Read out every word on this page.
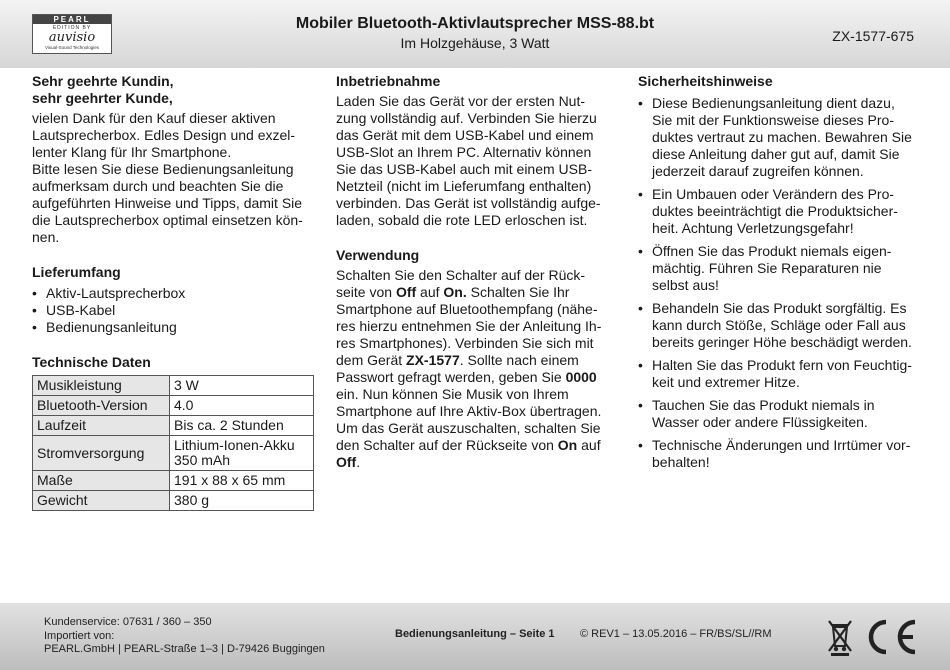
PEARL
EDITION BY
auvisio
Visual-Sound Technologies
Mobiler Bluetooth-Aktivlautsprecher MSS-88.bt
Im Holzgehäuse, 3 Watt	ZX-1577-675

Sehr geehrte Kundin,

sehr geehrter Kunde,

vielen Dank für den Kauf dieser aktiven
Lautsprecherbox. Edles Design und exzel-
lenter Klang für Ihr Smartphone.
Bitte lesen Sie diese Bedienungsanleitung
aufmerksam durch und beachten Sie die
aufgeführten Hinweise und Tipps, damit Sie
die Lautsprecherbox optimal einsetzen kön-
nen.

Lieferumfang

• Aktiv-Lautsprecherbox
• USB-Kabel
• Bedienungsanleitung

Technische Daten

Musikleistung	3 W
Bluetooth-Version	4.0
Laufzeit	Bis ca. 2 Stunden
Stromversorgung	Lithium-Ionen-Akku
350 mAh

Maße	191 x 88 x 65 mm
Gewicht	380 g

Inbetriebnahme

Laden Sie das Gerät vor der ersten Nut-
zung vollständig auf. Verbinden Sie hierzu
das Gerät mit dem USB-Kabel und einem
USB-Slot an Ihrem PC. Alternativ können
Sie das USB-Kabel auch mit einem USB-
Netzteil (nicht im Lieferumfang enthalten)
verbinden. Das Gerät ist vollständig aufge-
laden, sobald die rote LED erloschen ist.

Verwendung

Schalten Sie den Schalter auf der Rück-
seite von Off auf On. Schalten Sie Ihr
Smartphone auf Bluetoothempfang (nähe-
res hierzu entnehmen Sie der Anleitung Ih-
res Smartphones). Verbinden Sie sich mit
dem Gerät ZX-1577. Sollte nach einem
Passwort gefragt werden, geben Sie 0000
ein. Nun können Sie Musik von Ihrem
Smartphone auf Ihre Aktiv-Box übertragen.
Um das Gerät auszuschalten, schalten Sie
den Schalter auf der Rückseite von On auf
Off.

Sicherheitshinweise

• Diese Bedienungsanleitung dient dazu,
Sie mit der Funktionsweise dieses Pro-
duktes vertraut zu machen. Bewahren Sie
diese Anleitung daher gut auf, damit Sie
jederzeit darauf zugreifen können.
• Ein Umbauen oder Verändern des Pro-
duktes beeinträchtigt die Produktsicher-
heit. Achtung Verletzungsgefahr!
• Öffnen Sie das Produkt niemals eigen-
mächtig. Führen Sie Reparaturen nie
selbst aus!
• Behandeln Sie das Produkt sorgfältig. Es
kann durch Stöße, Schläge oder Fall aus
bereits geringer Höhe beschädigt werden.
• Halten Sie das Produkt fern von Feuchtig-
keit und extremer Hitze.
• Tauchen Sie das Produkt niemals in
Wasser oder andere Flüssigkeiten.
• Technische Änderungen und Irrtümer vor-
behalten!
Kundenservice: 07631 / 360 – 350
Importiert von:
PEARL.GmbH | PEARL-Straße 1–3 | D-79426 Buggingen
Bedienungsanleitung – Seite 1 © REV1 – 13.05.2016 – FR/BS/SL//RM
